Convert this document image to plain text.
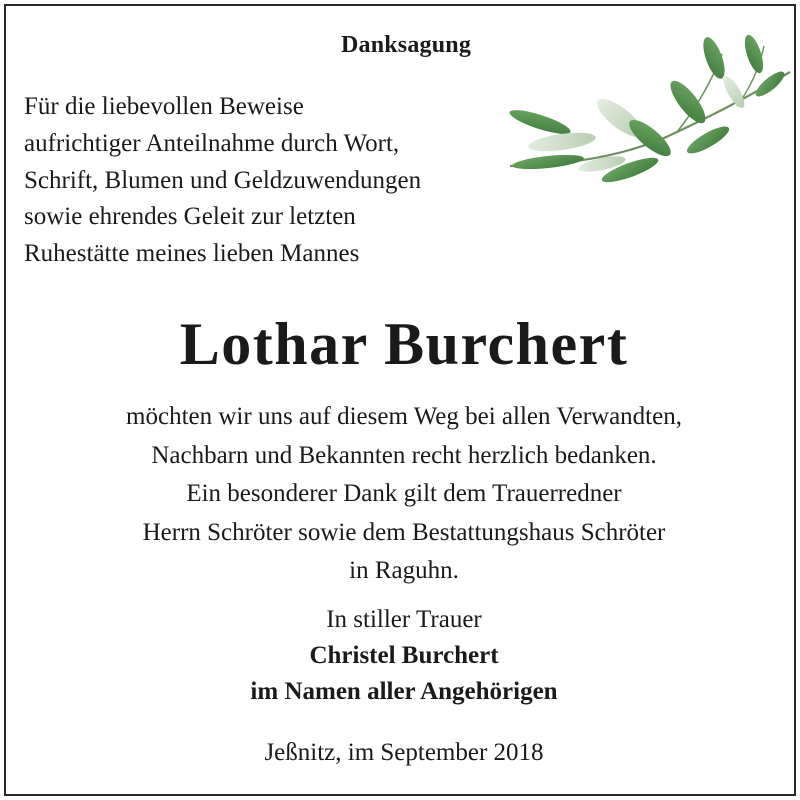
Danksagung
Für die liebevollen Beweise
aufrichtiger Anteilnahme durch Wort,
Schrift, Blumen und Geldzuwendungen
sowie ehrendes Geleit zur letzten
Ruhestätte meines lieben Mannes
Lothar Burchert
möchten wir uns auf diesem Weg bei allen Verwandten,
Nachbarn und Bekannten recht herzlich bedanken.
Ein besonderer Dank gilt dem Trauerredner
Herrn Schröter sowie dem Bestattungshaus Schröter
in Raguhn.
In stiller Trauer
Christel Burchert
im Namen aller Angehörigen
Jeßnitz, im September 2018
